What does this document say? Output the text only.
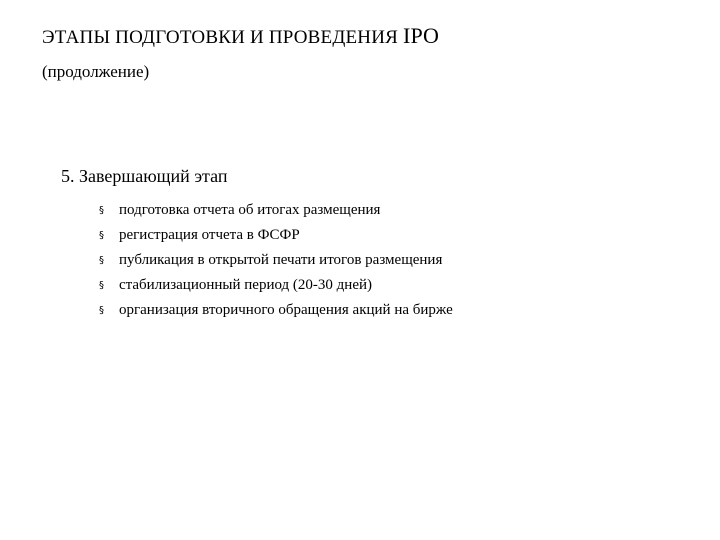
ЭТАПЫ ПОДГОТОВКИ И ПРОВЕДЕНИЯ IPO
(продолжение)
5. Завершающий этап
§	подготовка отчета об итогах размещения
§	регистрация отчета в ФСФР
§	публикация в открытой печати итогов размещения
§	стабилизационный период (20-30 дней)
§	организация вторичного обращения акций на бирже
